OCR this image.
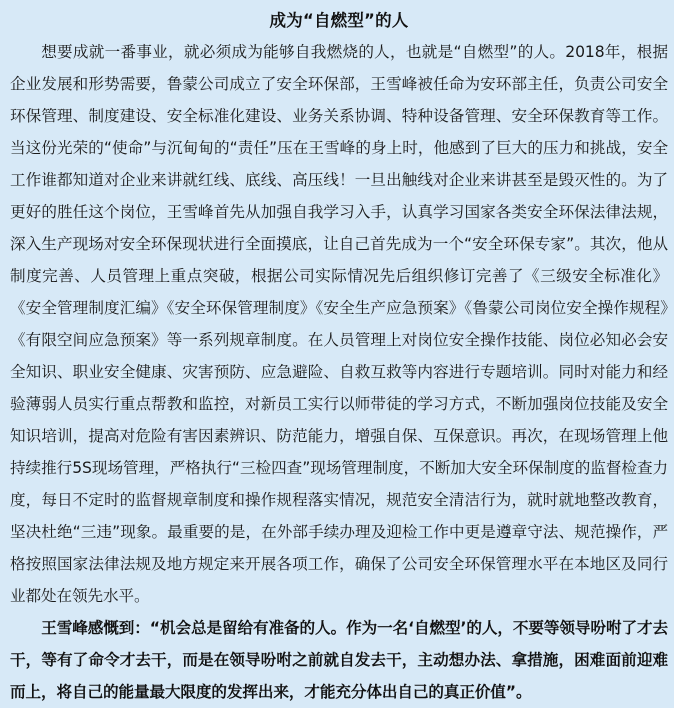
成为“自燃型”的人

想要成就一番事业，就必须成为能够自我燃烧的人，也就是“自燃型”的人。2018年，根据企业发展和形势需要，鲁蒙公司成立了安全环保部，王雪峰被任命为安环部主任，负责公司安全环保管理、制度建设、安全标准化建设、业务关系协调、特种设备管理、安全环保教育等工作。当这份光荣的“使命”与沉甸甸的“责任”压在王雪峰的身上时，他感到了巨大的压力和挑战，安全工作谁都知道对企业来讲就红线、底线、高压线！一旦出触线对企业来讲甚至是毁灭性的。为了更好的胜任这个岗位，王雪峰首先从加强自我学习入手，认真学习国家各类安全环保法律法规，深入生产现场对安全环保现状进行全面摸底，让自己首先成为一个“安全环保专家”。其次，他从制度完善、人员管理上重点突破，根据公司实际情况先后组织修订完善了《三级安全标准化》《安全管理制度汇编》《安全环保管理制度》《安全生产应急预案》《鲁蒙公司岗位安全操作规程》《有限空间应急预案》等一系列规章制度。在人员管理上对岗位安全操作技能、岗位必知必会安全知识、职业安全健康、灾害预防、应急避险、自救互救等内容进行专题培训。同时对能力和经验薄弱人员实行重点帮教和监控，对新员工实行以师带徒的学习方式，不断加强岗位技能及安全知识培训，提高对危险有害因素辨识、防范能力，增强自保、互保意识。再次，在现场管理上他持续推行5S现场管理，严格执行“三检四查”现场管理制度，不断加大安全环保制度的监督检查力度，每日不定时的监督规章制度和操作规程落实情况，规范安全清洁行为，就时就地整改教育，坚决杜绝“三违”现象。最重要的是，在外部手续办理及迎检工作中更是遵章守法、规范操作，严格按照国家法律法规及地方规定来开展各项工作，确保了公司安全环保管理水平在本地区及同行业都处在领先水平。

王雪峰感慨到：“机会总是留给有准备的人。作为一名‘自燃型’的人，不要等领导吩咐了才去干，等有了命令才去干，而是在领导吩咐之前就自发去干，主动想办法、拿措施，困难面前迎难而上，将自己的能量最大限度的发挥出来，才能充分体出自己的真正价值”。
